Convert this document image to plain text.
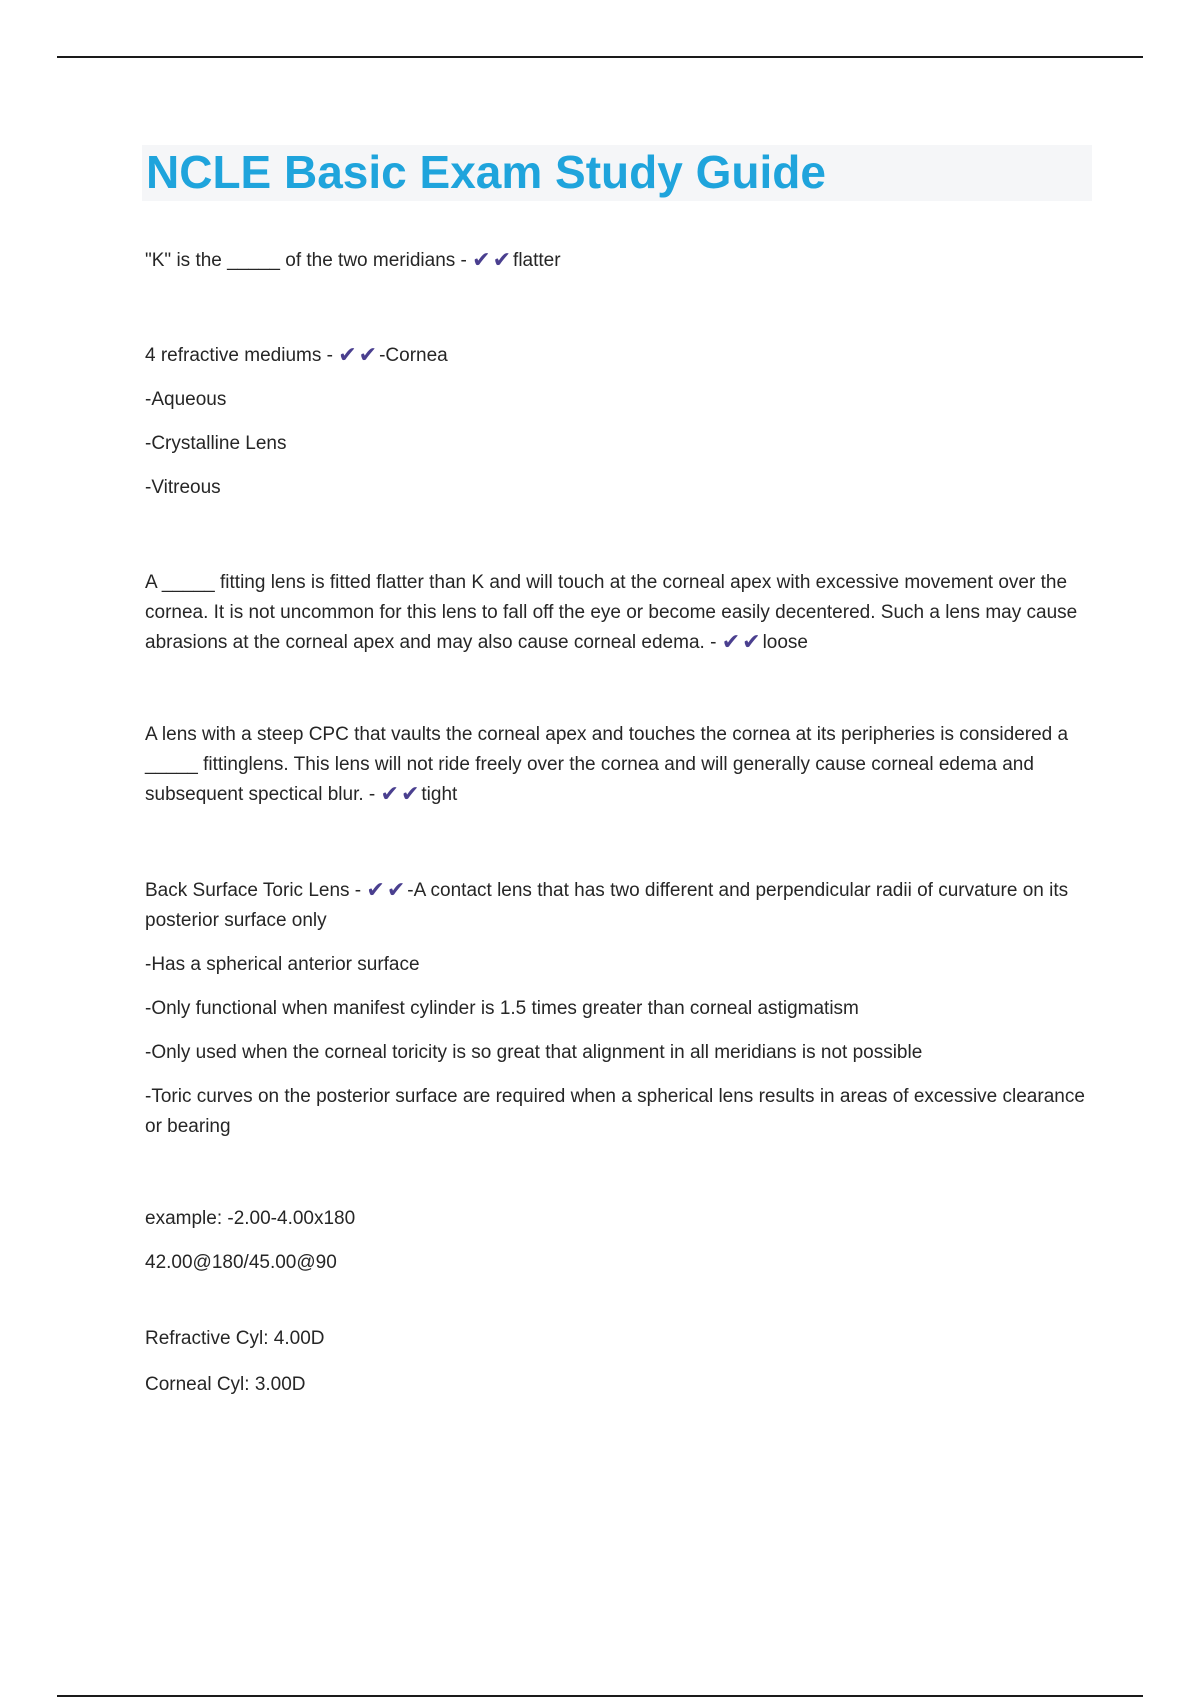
NCLE Basic Exam Study Guide

"K" is the _____ of the two meridians - ✔✔ flatter

4 refractive mediums - ✔✔ -Cornea

-Aqueous

-Crystalline Lens

-Vitreous

A _____ fitting lens is fitted flatter than K and will touch at the corneal apex with excessive movement over the cornea. It is not uncommon for this lens to fall off the eye or become easily decentered. Such a lens may cause abrasions at the corneal apex and may also cause corneal edema. - ✔✔ loose

A lens with a steep CPC that vaults the corneal apex and touches the cornea at its peripheries is considered a _____ fittinglens. This lens will not ride freely over the cornea and will generally cause corneal edema and subsequent spectical blur. - ✔✔ tight

Back Surface Toric Lens - ✔✔ -A contact lens that has two different and perpendicular radii of curvature on its posterior surface only

-Has a spherical anterior surface

-Only functional when manifest cylinder is 1.5 times greater than corneal astigmatism

-Only used when the corneal toricity is so great that alignment in all meridians is not possible

-Toric curves on the posterior surface are required when a spherical lens results in areas of excessive clearance or bearing

example: -2.00-4.00x180

42.00@180/45.00@90

Refractive Cyl: 4.00D

Corneal Cyl: 3.00D
